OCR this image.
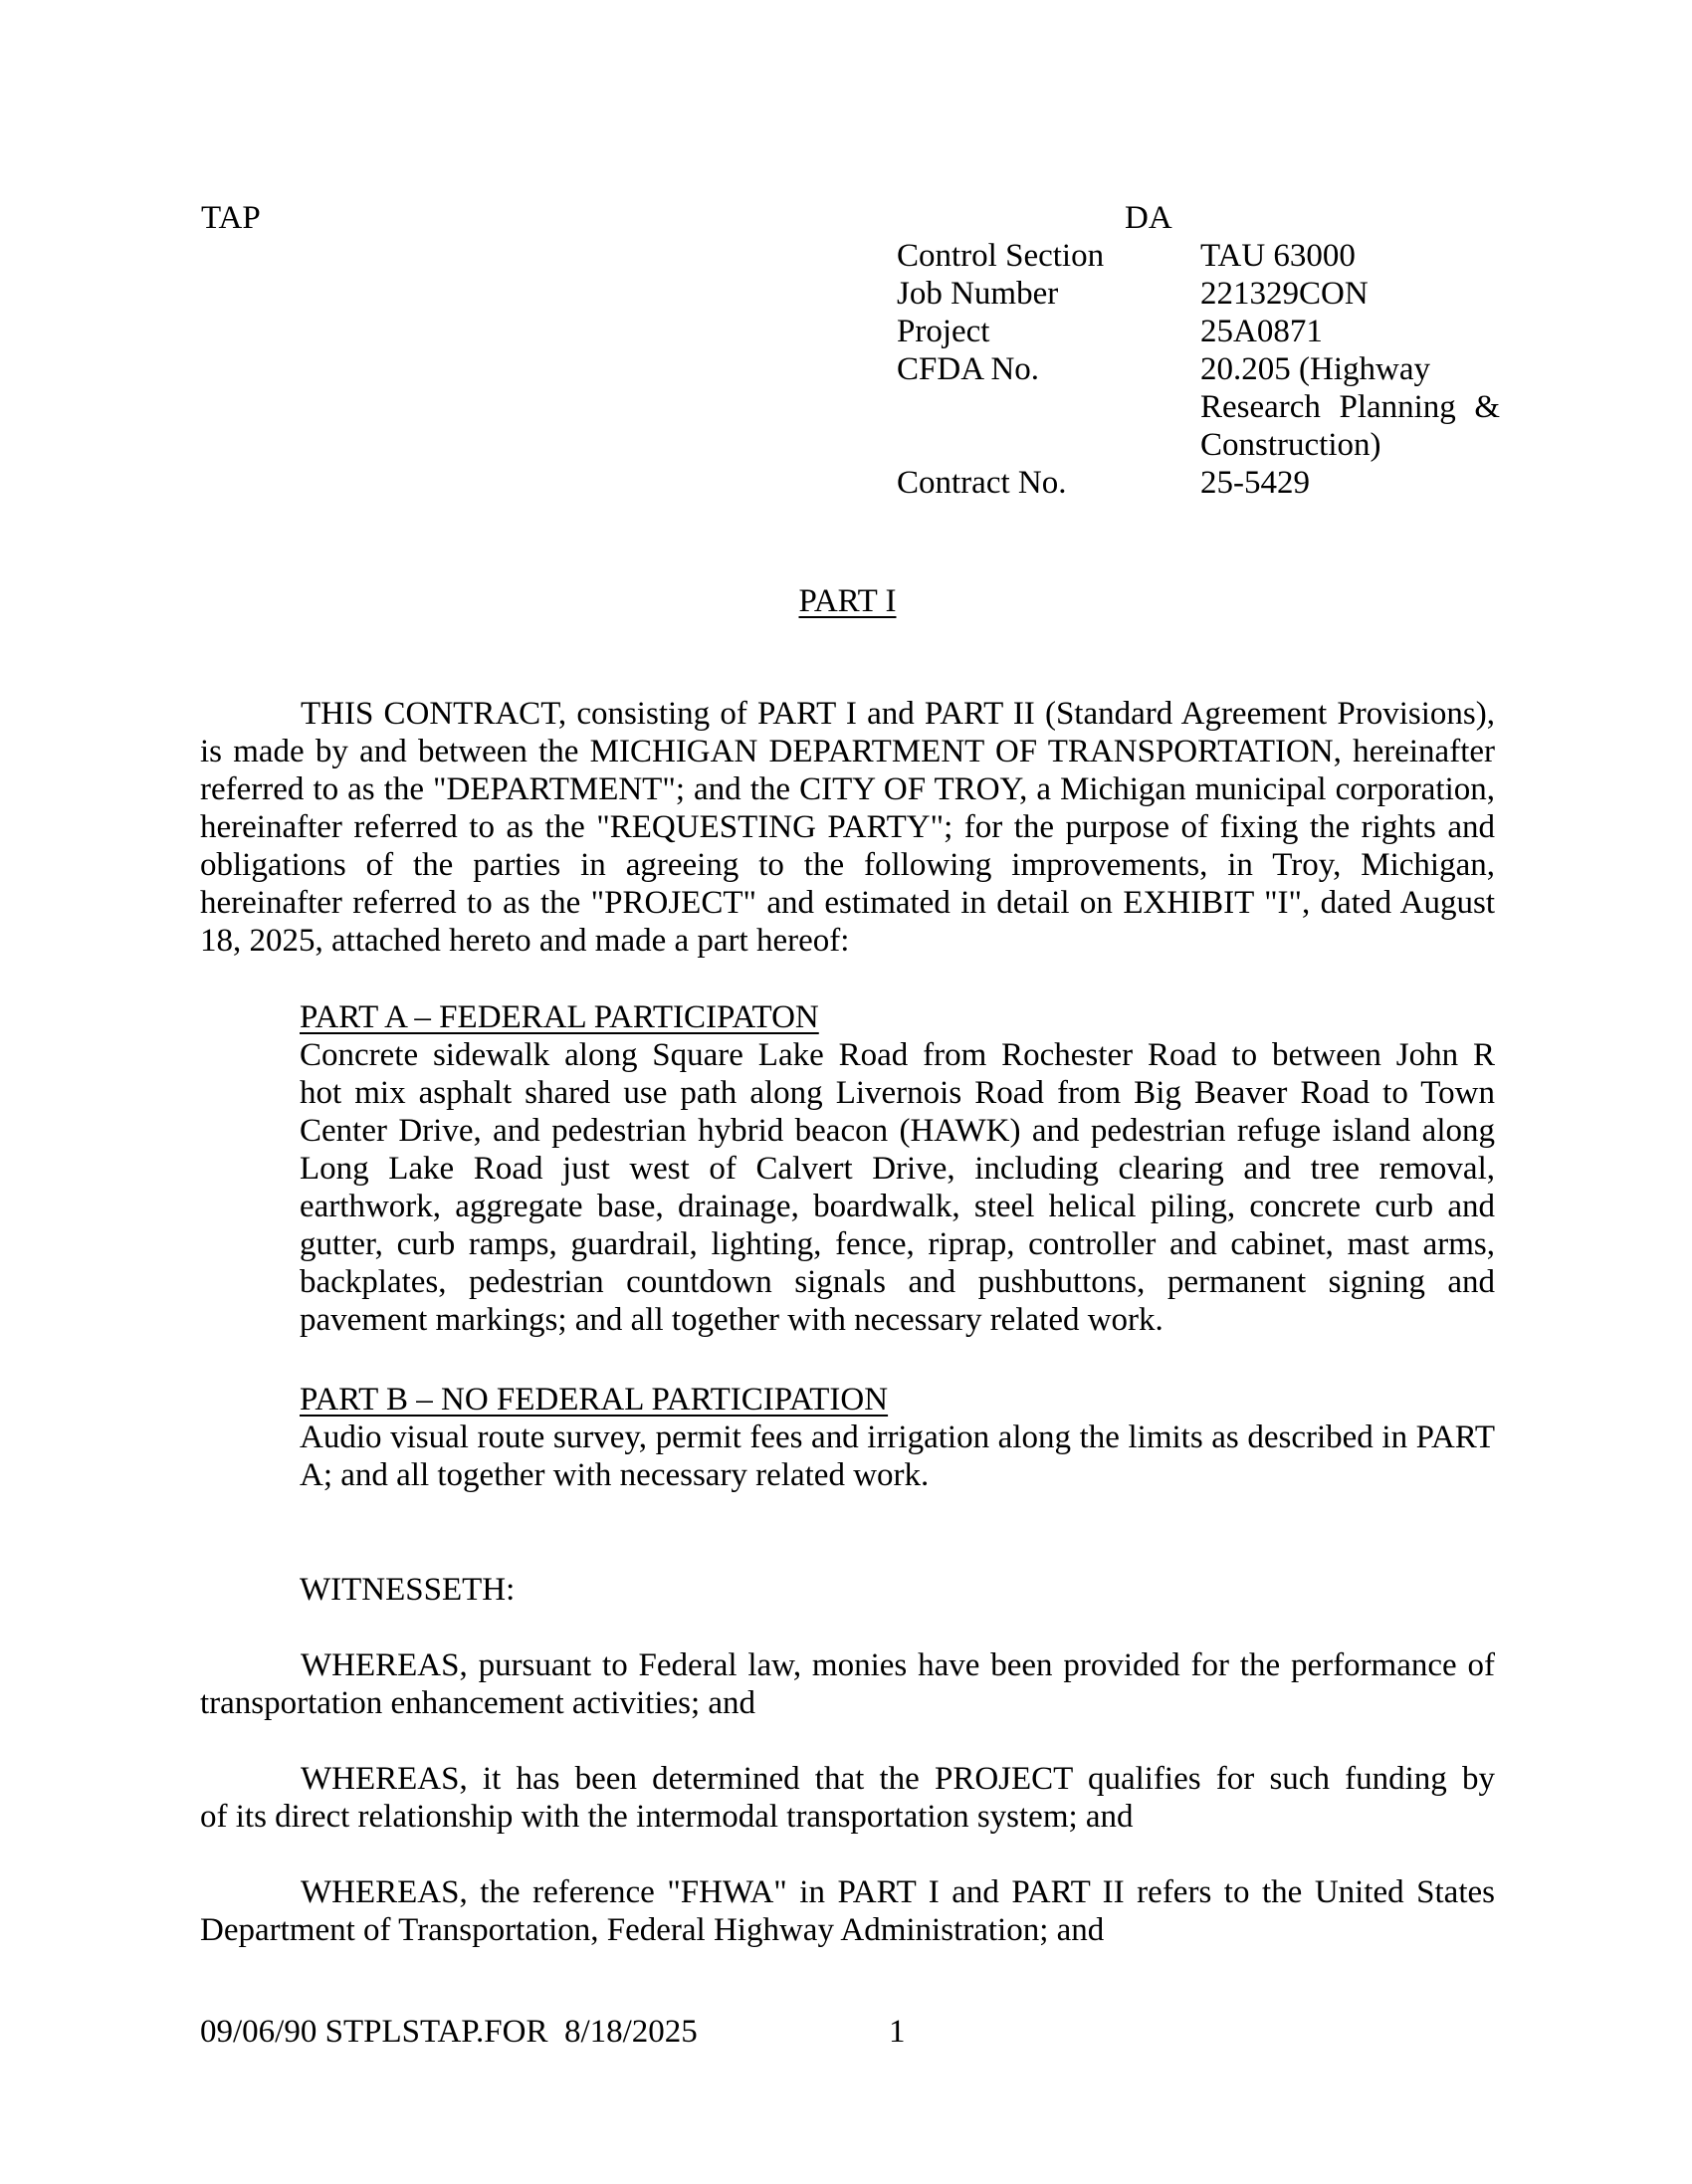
TAP	DA
Control Section	TAU 63000
Job Number	221329CON
Project	25A0871
CFDA No.	20.205 (Highway
Research Planning &
Construction)
Contract No.	25-5429
PART I
THIS CONTRACT, consisting of PART I and PART II (Standard Agreement Provisions),
is made by and between the MICHIGAN DEPARTMENT OF TRANSPORTATION, hereinafter
referred to as the "DEPARTMENT"; and the CITY OF TROY, a Michigan municipal corporation,
hereinafter referred to as the "REQUESTING PARTY"; for the purpose of fixing the rights and
obligations of the parties in agreeing to the following improvements, in Troy, Michigan,
hereinafter referred to as the "PROJECT" and estimated in detail on EXHIBIT "I", dated August
18, 2025, attached hereto and made a part hereof:
PART A – FEDERAL PARTICIPATON
Concrete sidewalk along Square Lake Road from Rochester Road to between John R
hot mix asphalt shared use path along Livernois Road from Big Beaver Road to Town
Center Drive, and pedestrian hybrid beacon (HAWK) and pedestrian refuge island along
Long Lake Road just west of Calvert Drive, including clearing and tree removal,
earthwork, aggregate base, drainage, boardwalk, steel helical piling, concrete curb and
gutter, curb ramps, guardrail, lighting, fence, riprap, controller and cabinet, mast arms,
backplates, pedestrian countdown signals and pushbuttons, permanent signing and
pavement markings; and all together with necessary related work.
PART B – NO FEDERAL PARTICIPATION
Audio visual route survey, permit fees and irrigation along the limits as described in PART
A; and all together with necessary related work.
WITNESSETH:
WHEREAS, pursuant to Federal law, monies have been provided for the performance of
transportation enhancement activities; and
WHEREAS, it has been determined that the PROJECT qualifies for such funding by
of its direct relationship with the intermodal transportation system; and
WHEREAS, the reference "FHWA" in PART I and PART II refers to the United States
Department of Transportation, Federal Highway Administration; and
09/06/90 STPLSTAP.FOR  8/18/2025	1
